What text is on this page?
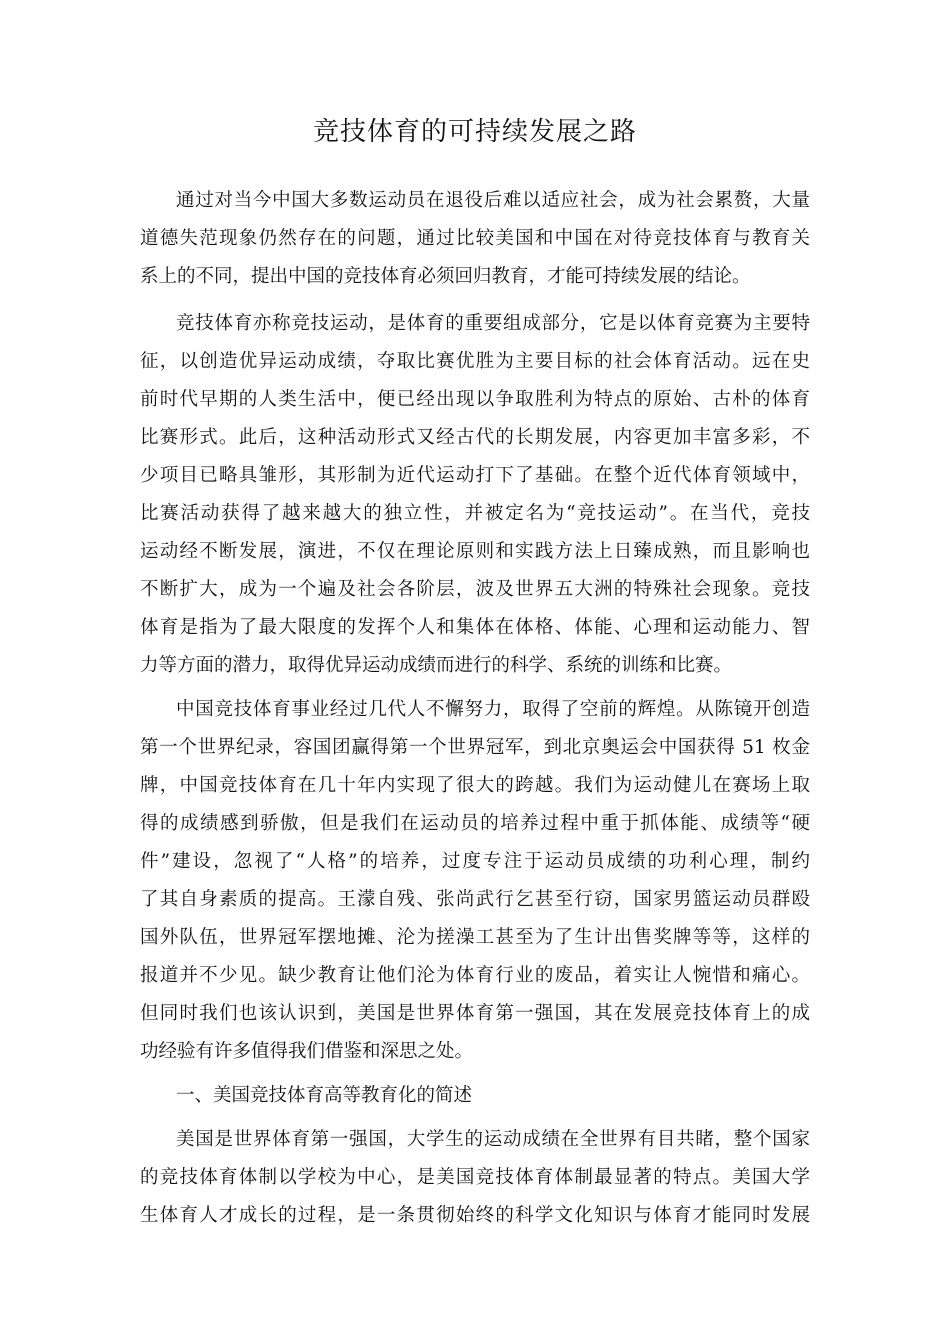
竞技体育的可持续发展之路
通过对当今中国大多数运动员在退役后难以适应社会，成为社会累赘，大量
道德失范现象仍然存在的问题，通过比较美国和中国在对待竞技体育与教育关
系上的不同，提出中国的竞技体育必须回归教育，才能可持续发展的结论。
竞技体育亦称竞技运动，是体育的重要组成部分，它是以体育竞赛为主要特
征，以创造优异运动成绩，夺取比赛优胜为主要目标的社会体育活动。远在史
前时代早期的人类生活中，便已经出现以争取胜利为特点的原始、古朴的体育
比赛形式。此后，这种活动形式又经古代的长期发展，内容更加丰富多彩，不
少项目已略具雏形，其形制为近代运动打下了基础。在整个近代体育领域中，
比赛活动获得了越来越大的独立性，并被定名为“竞技运动”。在当代，竞技
运动经不断发展，演进，不仅在理论原则和实践方法上日臻成熟，而且影响也
不断扩大，成为一个遍及社会各阶层，波及世界五大洲的特殊社会现象。竞技
体育是指为了最大限度的发挥个人和集体在体格、体能、心理和运动能力、智
力等方面的潜力，取得优异运动成绩而进行的科学、系统的训练和比赛。
中国竞技体育事业经过几代人不懈努力，取得了空前的辉煌。从陈镜开创造
第一个世界纪录，容国团赢得第一个世界冠军，到北京奥运会中国获得 51 枚金
牌，中国竞技体育在几十年内实现了很大的跨越。我们为运动健儿在赛场上取
得的成绩感到骄傲，但是我们在运动员的培养过程中重于抓体能、成绩等“硬
件”建设，忽视了“人格”的培养，过度专注于运动员成绩的功利心理，制约
了其自身素质的提高。王濛自残、张尚武行乞甚至行窃，国家男篮运动员群殴
国外队伍，世界冠军摆地摊、沦为搓澡工甚至为了生计出售奖牌等等，这样的
报道并不少见。缺少教育让他们沦为体育行业的废品，着实让人惋惜和痛心。
但同时我们也该认识到，美国是世界体育第一强国，其在发展竞技体育上的成
功经验有许多值得我们借鉴和深思之处。
一、美国竞技体育高等教育化的简述
美国是世界体育第一强国，大学生的运动成绩在全世界有目共睹，整个国家
的竞技体育体制以学校为中心，是美国竞技体育体制最显著的特点。美国大学
生体育人才成长的过程，是一条贯彻始终的科学文化知识与体育才能同时发展
